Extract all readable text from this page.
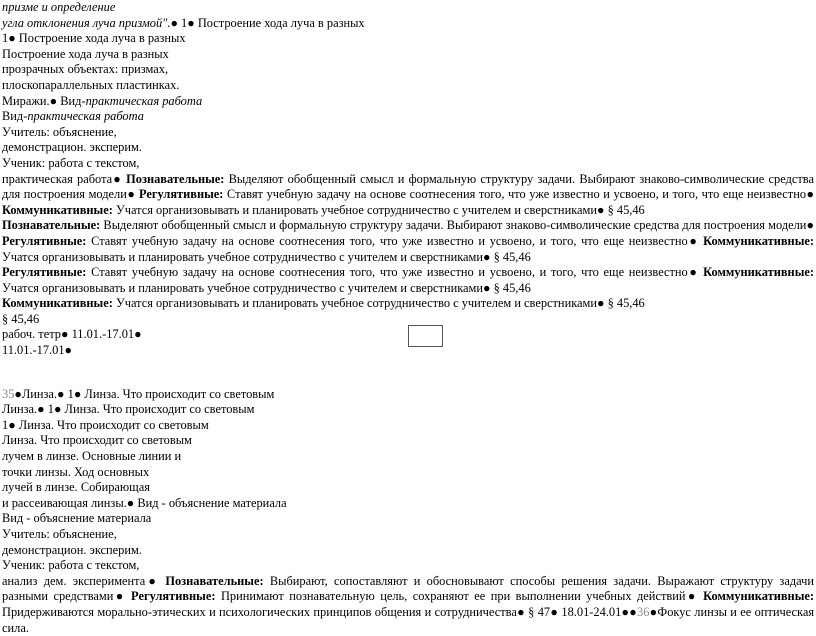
призме и определение
угла отклонения луча призмой".● 1● Построение хода луча в разных
1● Построение хода луча в разных
Построение хода луча в разных
прозрачных объектах: призмах,
плоскопараллельных пластинках.
Миражи.● Вид-практическая работа
Вид-практическая работа
Учитель: объяснение,
демонстрацион. эксперим.
Ученик: работа с текстом,
практическая работа● Познавательные: Выделяют обобщенный смысл и формальную структуру задачи. Выбирают знаково-символические средства для построения модели● Регулятивные: Ставят учебную задачу на основе соотнесения того, что уже известно и усвоено, и того, что еще неизвестно● Коммуникативные: Учатся организовывать и планировать учебное сотрудничество с учителем и сверстниками● § 45,46
Познавательные: Выделяют обобщенный смысл и формальную структуру задачи. Выбирают знаково-символические средства для построения модели● Регулятивные: Ставят учебную задачу на основе соотнесения того, что уже известно и усвоено, и того, что еще неизвестно● Коммуникативные: Учатся организовывать и планировать учебное сотрудничество с учителем и сверстниками● § 45,46
Регулятивные: Ставят учебную задачу на основе соотнесения того, что уже известно и усвоено, и того, что еще неизвестно● Коммуникативные: Учатся организовывать и планировать учебное сотрудничество с учителем и сверстниками● § 45,46
Коммуникативные: Учатся организовывать и планировать учебное сотрудничество с учителем и сверстниками● § 45,46
§ 45,46
рабоч. тетр● 11.01.-17.01●
11.01.-17.01●
35●Линза.● 1● Линза. Что происходит со световым
Линза.● 1● Линза. Что происходит со световым
1● Линза. Что происходит со световым
Линза. Что происходит со световым
лучем в линзе. Основные линии и
точки линзы. Ход основных
лучей в линзе. Собирающая
и рассеивающая линзы.● Вид - объяснение материала
Вид - объяснение материала
Учитель: объяснение,
демонстрацион. эксперим.
Ученик: работа с текстом,
анализ дем. эксперимента● Познавательные: Выбирают, сопоставляют и обосновывают способы решения задачи. Выражают структуру задачи разными средствами● Регулятивные: Принимают познавательную цель, сохраняют ее при выполнении учебных действий● Коммуникативные: Придерживаются морально-этических и психологических принципов общения и сотрудничества● § 47● 18.01-24.01●●36●Фокус линзы и ее оптическая сила.
